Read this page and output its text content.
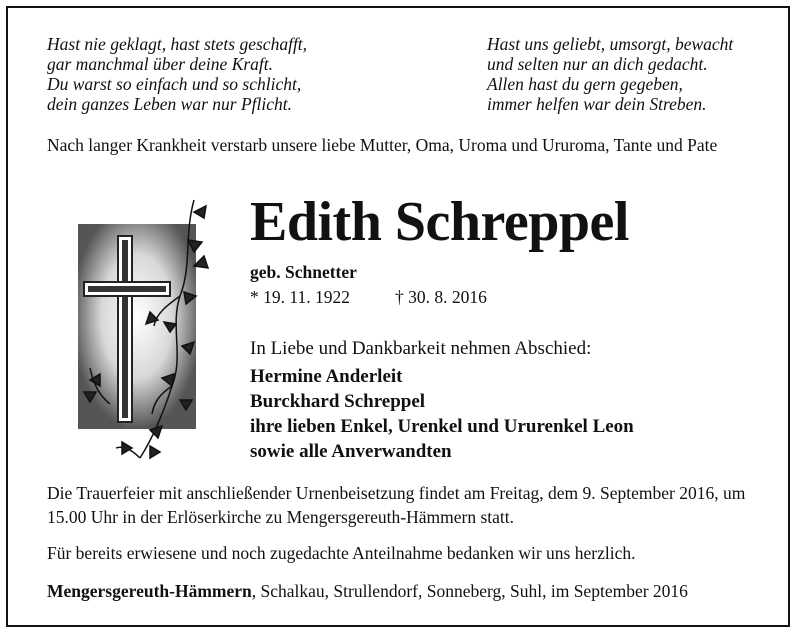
Hast nie geklagt, hast stets geschafft,
gar manchmal über deine Kraft.
Du warst so einfach und so schlicht,
dein ganzes Leben war nur Pflicht.
Hast uns geliebt, umsorgt, bewacht
und selten nur an dich gedacht.
Allen hast du gern gegeben,
immer helfen war dein Streben.
Nach langer Krankheit verstarb unsere liebe Mutter, Oma, Uroma und Ururoma, Tante und Pate
Edith Schreppel
geb. Schnetter
* 19. 11. 1922	† 30. 8. 2016
In Liebe und Dankbarkeit nehmen Abschied:
Hermine Anderleit
Burckhard Schreppel
ihre lieben Enkel, Urenkel und Ururenkel Leon
sowie alle Anverwandten
Die Trauerfeier mit anschließender Urnenbeisetzung findet am Freitag, dem 9. September 2016, um 15.00 Uhr in der Erlöserkirche zu Mengersgereuth-Hämmern statt.
Für bereits erwiesene und noch zugedachte Anteilnahme bedanken wir uns herzlich.
Mengersgereuth-Hämmern, Schalkau, Strullendorf, Sonneberg, Suhl, im September 2016
